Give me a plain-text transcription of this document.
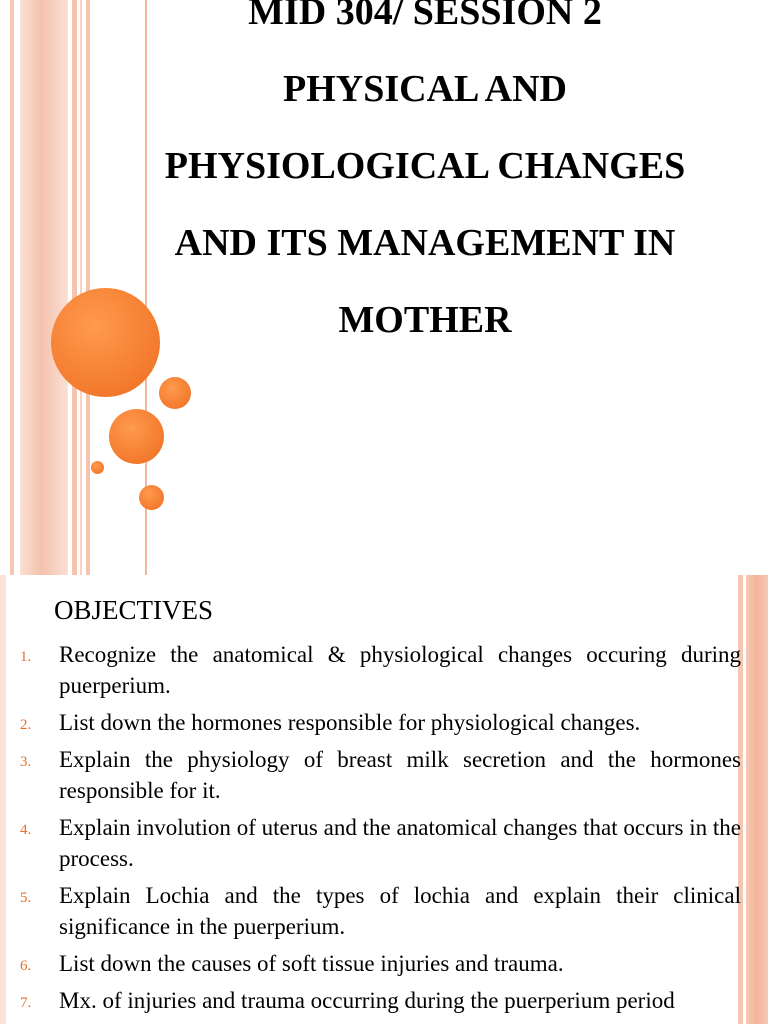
MID 304/ SESSION 2
PHYSICAL AND
PHYSIOLOGICAL CHANGES
AND ITS MANAGEMENT IN
MOTHER
OBJECTIVES
1. Recognize the anatomical & physiological changes occuring during puerperium.
2. List down the hormones responsible for physiological changes.
3. Explain the physiology of breast milk secretion and the hormones responsible for it.
4. Explain involution of uterus and the anatomical changes that occurs in the process.
5. Explain Lochia and the types of lochia and explain their clinical significance in the puerperium.
6. List down the causes of soft tissue injuries and trauma.
7. Mx. of injuries and trauma occurring during the puerperium period
